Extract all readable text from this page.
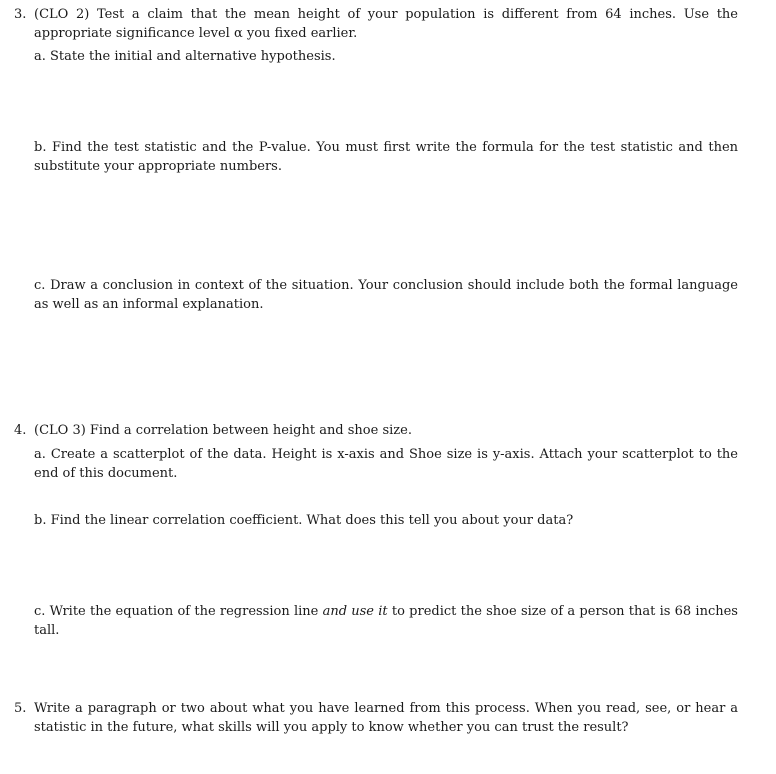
3. (CLO 2) Test a claim that the mean height of your population is different from 64 inches. Use the appropriate significance level α you fixed earlier.
a. State the initial and alternative hypothesis.
b. Find the test statistic and the P-value. You must first write the formula for the test statistic and then substitute your appropriate numbers.
c. Draw a conclusion in context of the situation. Your conclusion should include both the formal language as well as an informal explanation.
4. (CLO 3) Find a correlation between height and shoe size.
a. Create a scatterplot of the data. Height is x-axis and Shoe size is y-axis. Attach your scatterplot to the end of this document.
b. Find the linear correlation coefficient. What does this tell you about your data?
c. Write the equation of the regression line and use it to predict the shoe size of a person that is 68 inches tall.
5. Write a paragraph or two about what you have learned from this process. When you read, see, or hear a statistic in the future, what skills will you apply to know whether you can trust the result?
